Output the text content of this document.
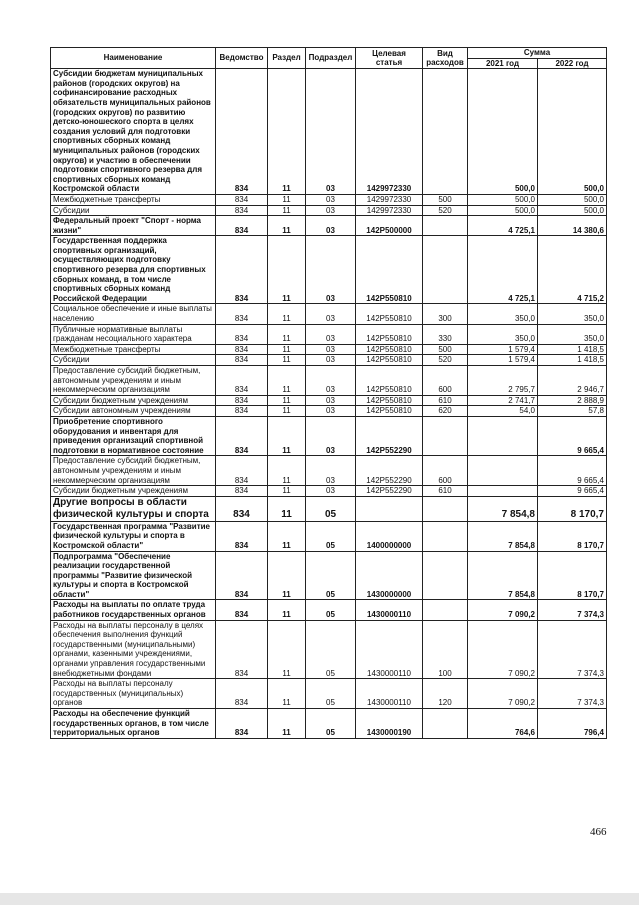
Наименование	Ведомство	Раздел	Подраздел	Целевая статья	Вид расходов	Сумма	
						2021 год	2022 год
Субсидии бюджетам муниципальных районов (городских округов) на софинансирование расходных обязательств муниципальных районов (городских округов) по развитию детско-юношеского спорта в целях создания условий для подготовки спортивных сборных команд муниципальных районов (городских округов) и участию в обеспечении подготовки спортивного резерва для спортивных сборных команд Костромской области	834	11	03	1429972330		500,0	500,0
Межбюджетные трансферты	834	11	03	1429972330	500	500,0	500,0
Субсидии	834	11	03	1429972330	520	500,0	500,0
Федеральный проект "Спорт - норма жизни"	834	11	03	142P500000		4 725,1	14 380,6
Государственная поддержка спортивных организаций, осуществляющих подготовку спортивного резерва для спортивных сборных команд, в том числе спортивных сборных команд Российской Федерации	834	11	03	142P550810		4 725,1	4 715,2
Социальное обеспечение и иные выплаты населению	834	11	03	142P550810	300	350,0	350,0
Публичные нормативные выплаты гражданам несоциального характера	834	11	03	142P550810	330	350,0	350,0
Межбюджетные трансферты	834	11	03	142P550810	500	1 579,4	1 418,5
Субсидии	834	11	03	142P550810	520	1 579,4	1 418,5
Предоставление субсидий бюджетным, автономным учреждениям и иным некоммерческим организациям	834	11	03	142P550810	600	2 795,7	2 946,7
Субсидии бюджетным учреждениям	834	11	03	142P550810	610	2 741,7	2 888,9
Субсидии автономным учреждениям	834	11	03	142P550810	620	54,0	57,8
Приобретение спортивного оборудования и инвентаря для приведения организаций спортивной подготовки в нормативное состояние	834	11	03	142P552290			9 665,4
Предоставление субсидий бюджетным, автономным учреждениям и иным некоммерческим организациям	834	11	03	142P552290	600		9 665,4
Субсидии бюджетным учреждениям	834	11	03	142P552290	610		9 665,4
Другие вопросы в области физической культуры и спорта	834	11	05			7 854,8	8 170,7
Государственная программа "Развитие физической культуры и спорта в Костромской области"	834	11	05	1400000000		7 854,8	8 170,7
Подпрограмма "Обеспечение реализации государственной программы "Развитие физической культуры и спорта в Костромской области"	834	11	05	1430000000		7 854,8	8 170,7
Расходы на выплаты по оплате труда работников государственных органов	834	11	05	1430000110		7 090,2	7 374,3
Расходы на выплаты персоналу в целях обеспечения выполнения функций государственными (муниципальными) органами, казенными учреждениями, органами управления государственными внебюджетными фондами	834	11	05	1430000110	100	7 090,2	7 374,3
Расходы на выплаты персоналу государственных (муниципальных) органов	834	11	05	1430000110	120	7 090,2	7 374,3
Расходы на обеспечение функций государственных органов, в том числе территориальных органов	834	11	05	1430000190		764,6	796,4
466
